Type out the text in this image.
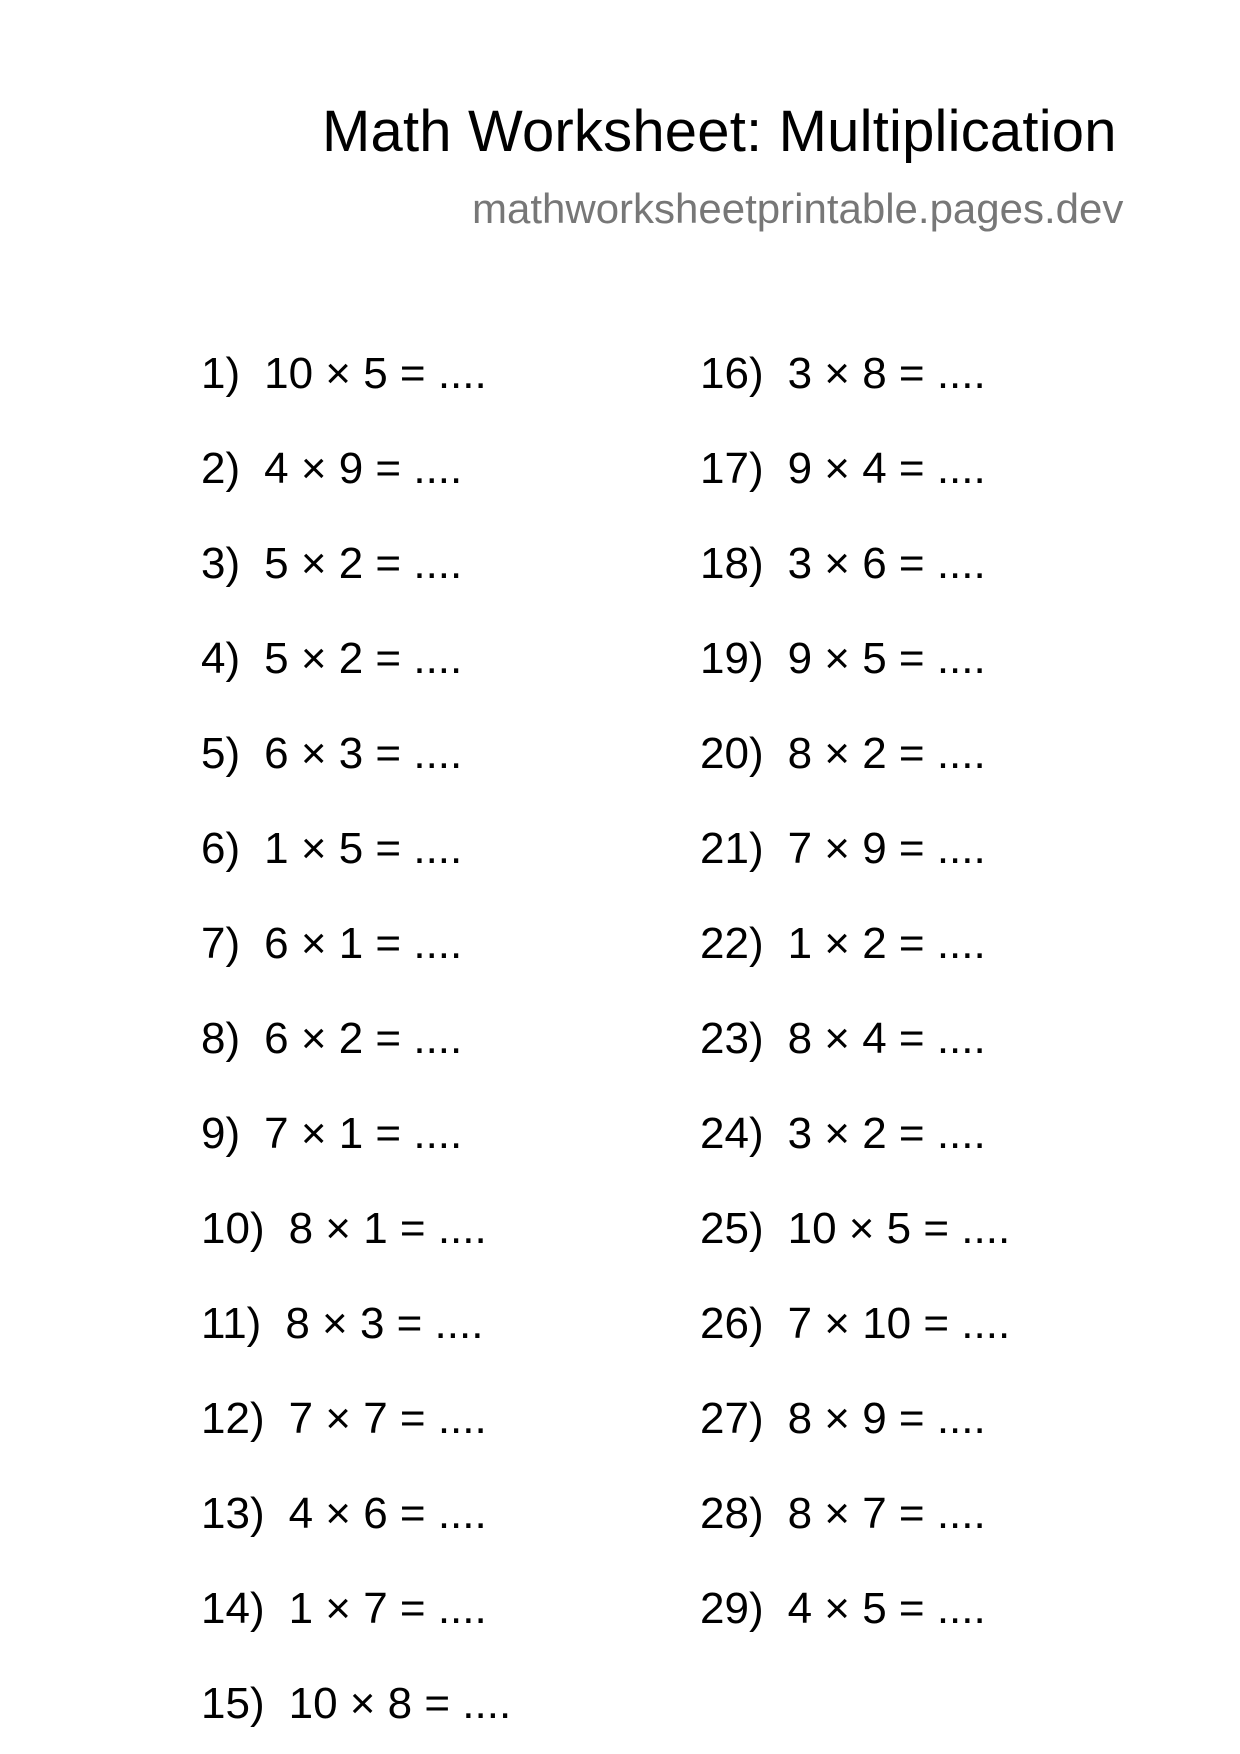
Math Worksheet: Multiplication
mathworksheetprintable.pages.dev
1) 10 × 5 = ....
2) 4 × 9 = ....
3) 5 × 2 = ....
4) 5 × 2 = ....
5) 6 × 3 = ....
6) 1 × 5 = ....
7) 6 × 1 = ....
8) 6 × 2 = ....
9) 7 × 1 = ....
10) 8 × 1 = ....
11) 8 × 3 = ....
12) 7 × 7 = ....
13) 4 × 6 = ....
14) 1 × 7 = ....
15) 10 × 8 = ....
16) 3 × 8 = ....
17) 9 × 4 = ....
18) 3 × 6 = ....
19) 9 × 5 = ....
20) 8 × 2 = ....
21) 7 × 9 = ....
22) 1 × 2 = ....
23) 8 × 4 = ....
24) 3 × 2 = ....
25) 10 × 5 = ....
26) 7 × 10 = ....
27) 8 × 9 = ....
28) 8 × 7 = ....
29) 4 × 5 = ....
